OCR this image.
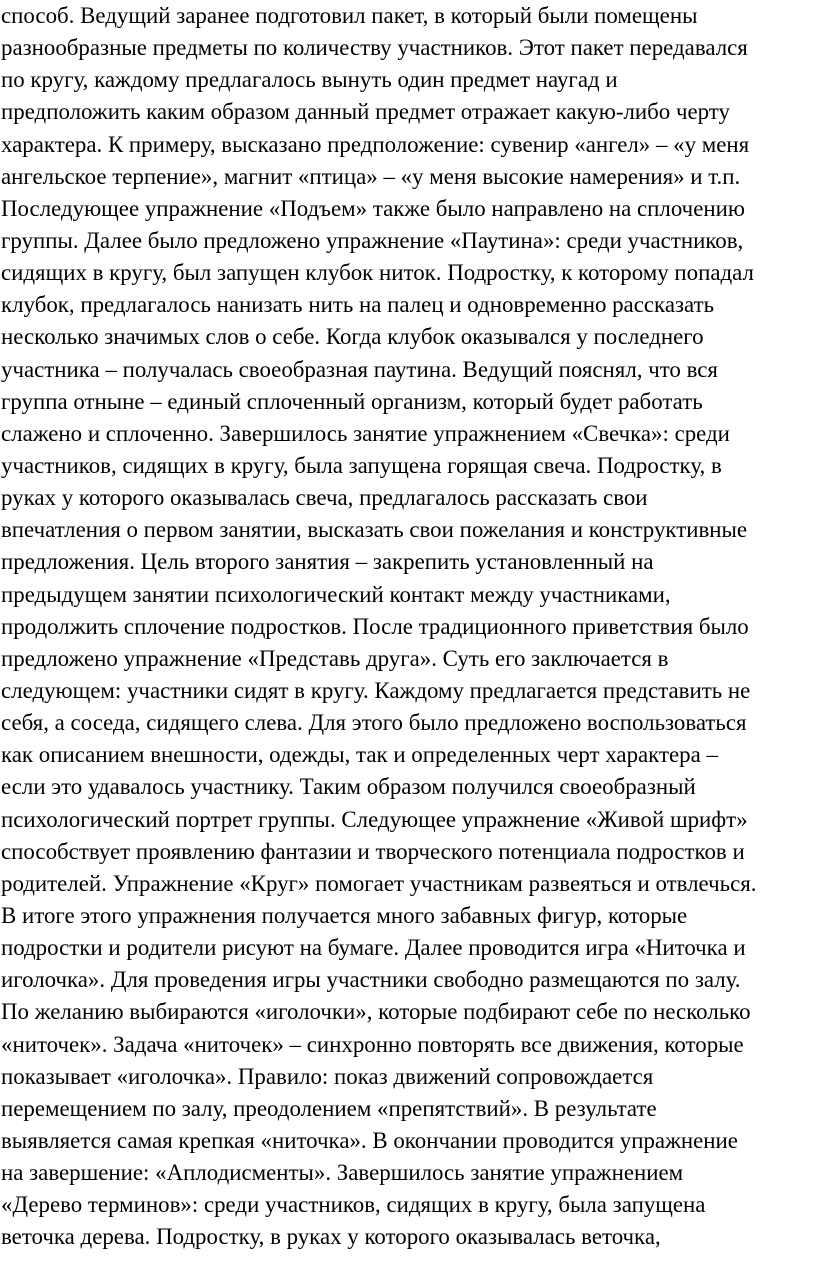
способ. Ведущий заранее подготовил пакет, в который были помещены
разнообразные предметы по количеству участников. Этот пакет передавался
по кругу, каждому предлагалось вынуть один предмет наугад и
предположить каким образом данный предмет отражает какую-либо черту
характера. К примеру, высказано предположение: сувенир «ангел» – «у меня
ангельское терпение», магнит «птица» – «у меня высокие намерения» и т.п.
Последующее упражнение «Подъем» также было направлено на сплочению
группы. Далее было предложено упражнение «Паутина»: среди участников,
сидящих в кругу, был запущен клубок ниток. Подростку, к которому попадал
клубок, предлагалось нанизать нить на палец и одновременно рассказать
несколько значимых слов о себе. Когда клубок оказывался у последнего
участника – получалась своеобразная паутина. Ведущий пояснял, что вся
группа отныне – единый сплоченный организм, который будет работать
слажено и сплоченно. Завершилось занятие упражнением «Свечка»: среди
участников, сидящих в кругу, была запущена горящая свеча. Подростку, в
руках у которого оказывалась свеча, предлагалось рассказать свои
впечатления о первом занятии, высказать свои пожелания и конструктивные
предложения. Цель второго занятия – закрепить установленный на
предыдущем занятии психологический контакт между участниками,
продолжить сплочение подростков. После традиционного приветствия было
предложено упражнение «Представь друга». Суть его заключается в
следующем: участники сидят в кругу. Каждому предлагается представить не
себя, а соседа, сидящего слева. Для этого было предложено воспользоваться
как описанием внешности, одежды, так и определенных черт характера –
если это удавалось участнику. Таким образом получился своеобразный
психологический портрет группы. Следующее упражнение «Живой шрифт»
способствует проявлению фантазии и творческого потенциала подростков и
родителей. Упражнение «Круг» помогает участникам развеяться и отвлечься.
В итоге этого упражнения получается много забавных фигур, которые
подростки и родители рисуют на бумаге. Далее проводится игра «Ниточка и
иголочка». Для проведения игры участники свободно размещаются по залу.
По желанию выбираются «иголочки», которые подбирают себе по несколько
«ниточек». Задача «ниточек» – синхронно повторять все движения, которые
показывает «иголочка». Правило: показ движений сопровождается
перемещением по залу, преодолением «препятствий». В результате
выявляется самая крепкая «ниточка». В окончании проводится упражнение
на завершение: «Аплодисменты». Завершилось занятие упражнением
«Дерево терминов»: среди участников, сидящих в кругу, была запущена
веточка дерева. Подростку, в руках у которого оказывалась веточка,
